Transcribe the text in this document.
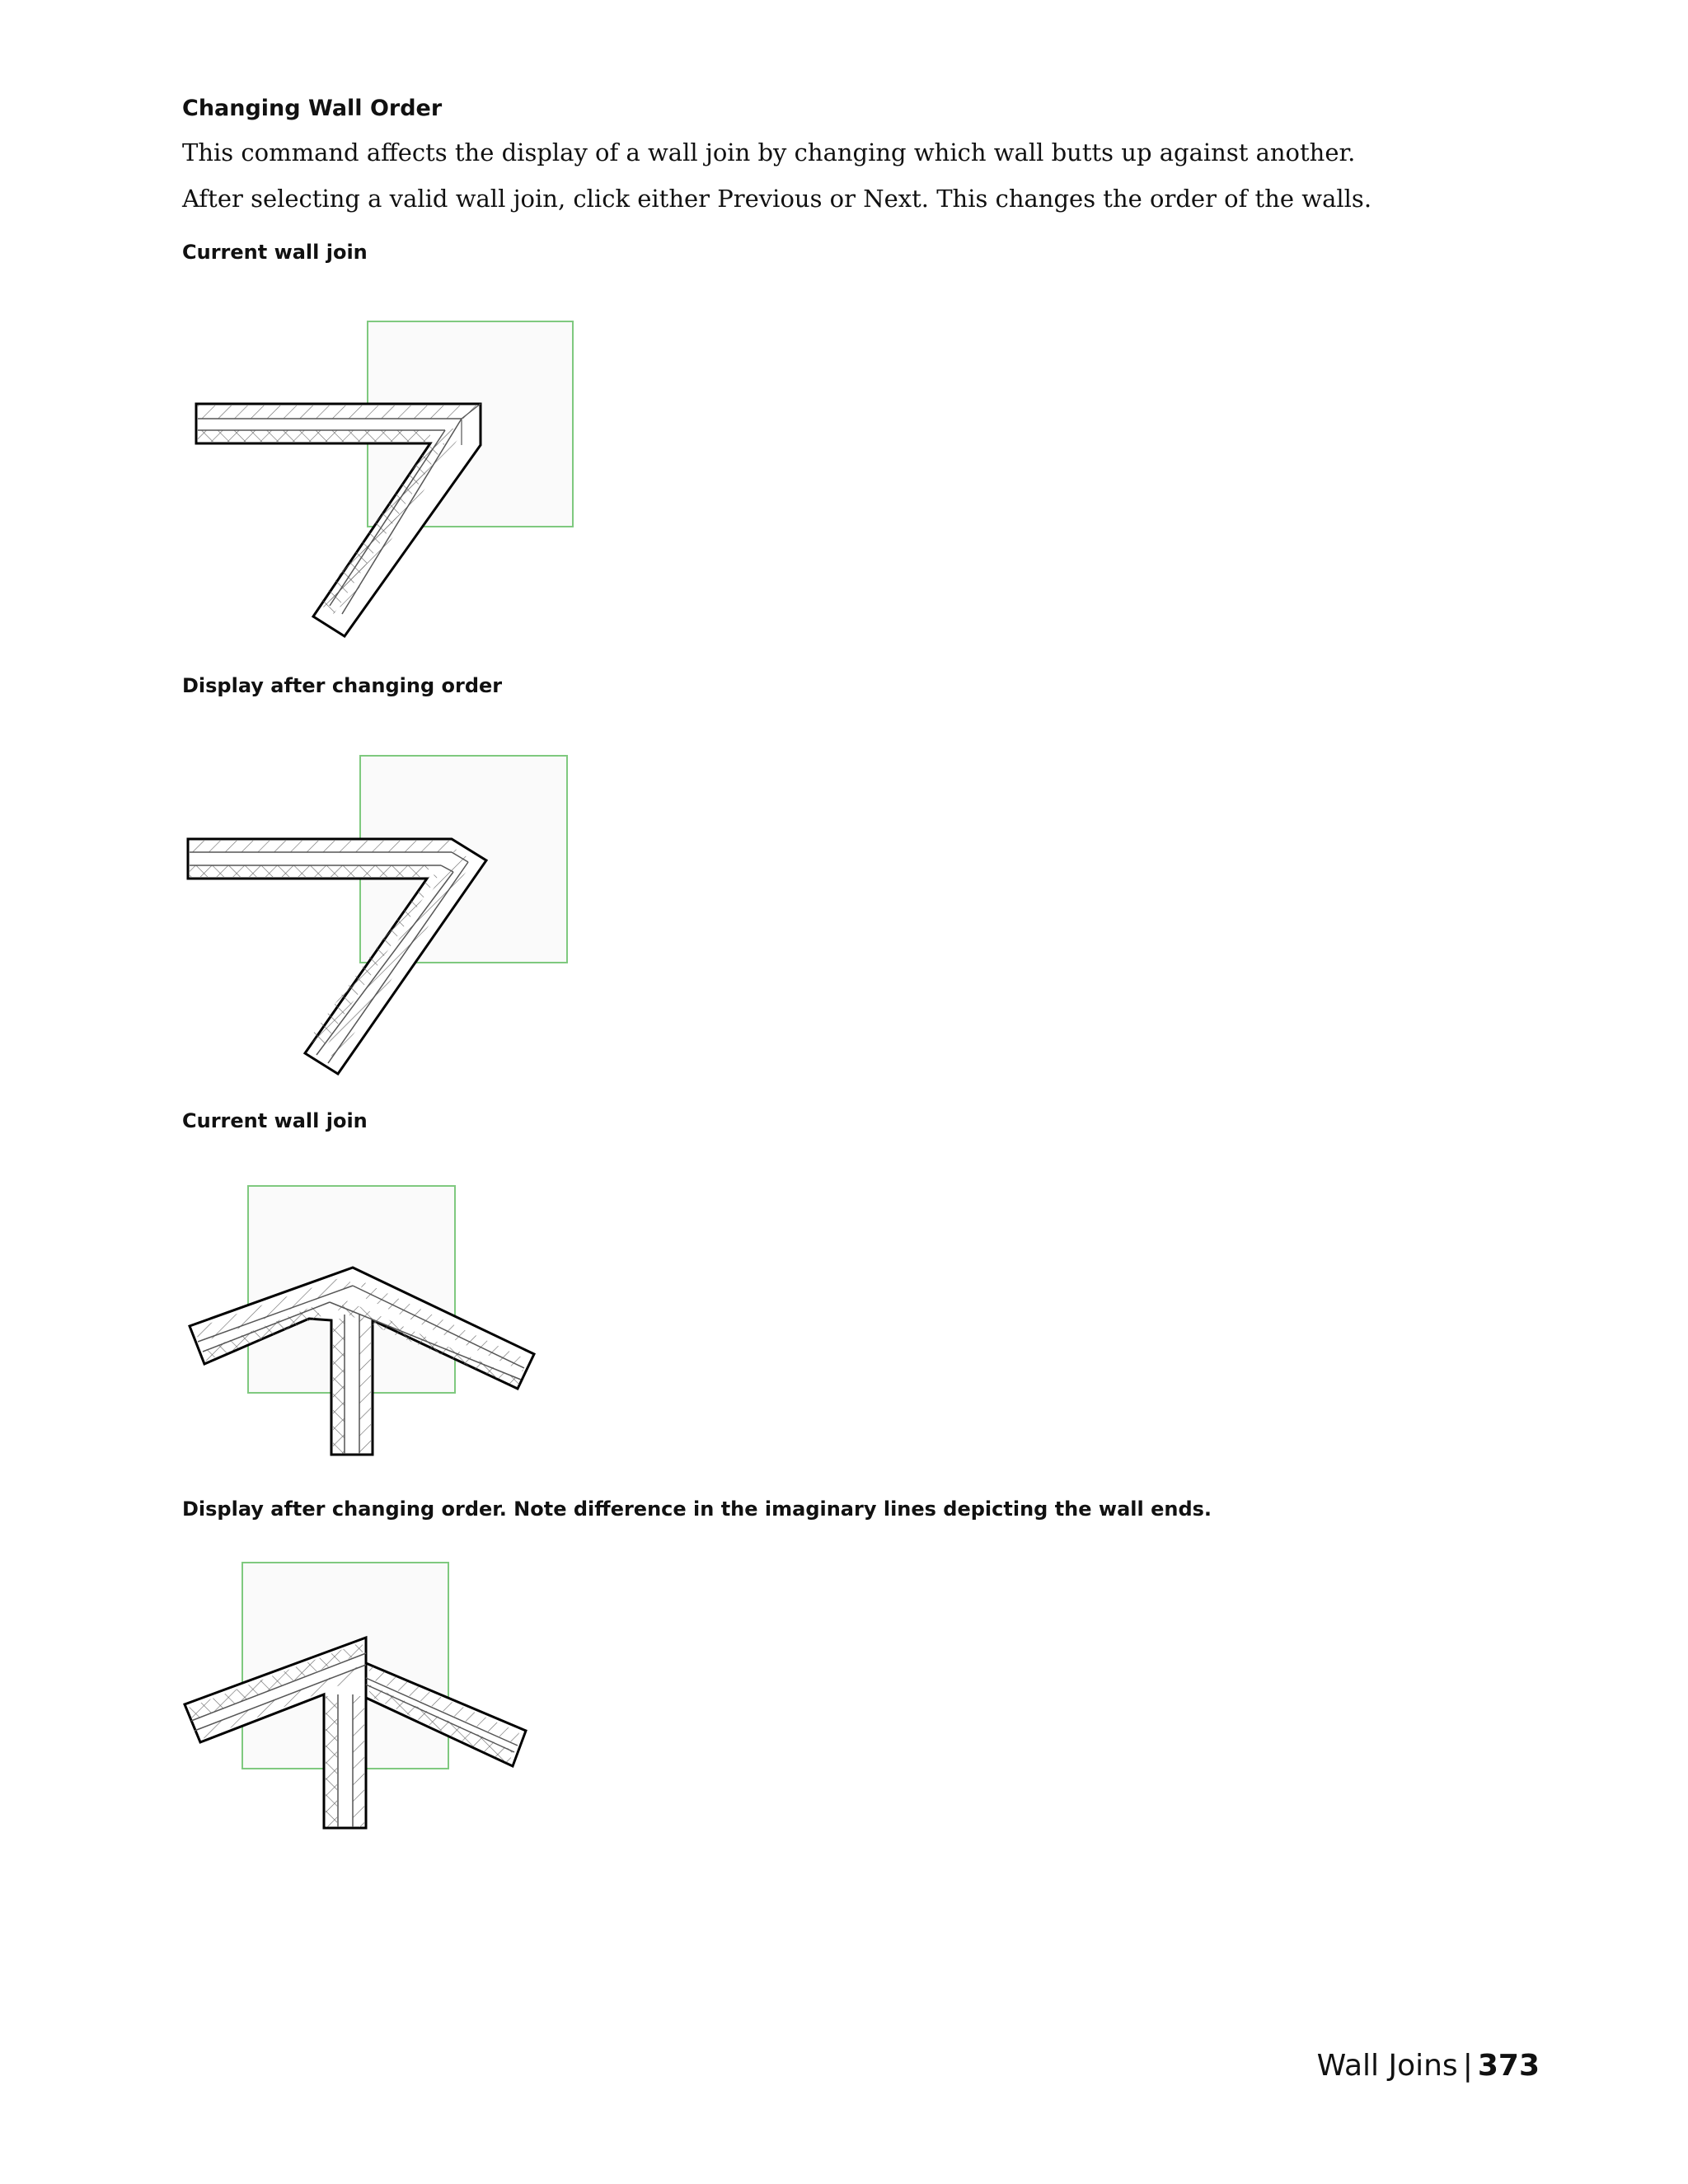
Changing Wall Order
This command affects the display of a wall join by changing which wall butts up against another.
After selecting a valid wall join, click either Previous or Next. This changes the order of the walls.
Current wall join
Display after changing order
Current wall join
Display after changing order. Note difference in the imaginary lines depicting the wall ends.
Wall Joins | 373
